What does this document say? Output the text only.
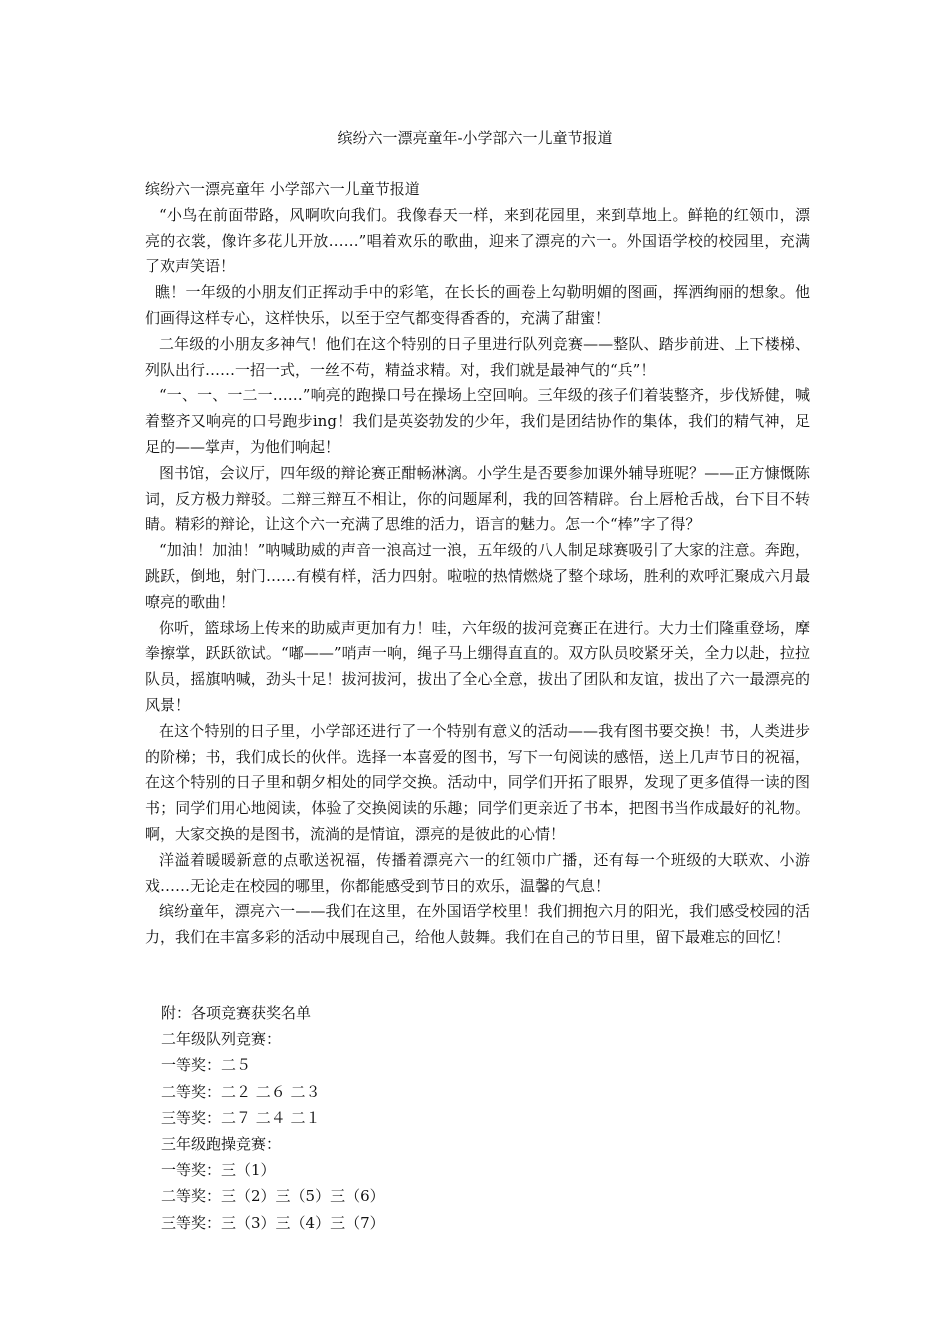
缤纷六一漂亮童年-小学部六一儿童节报道

缤纷六一漂亮童年 小学部六一儿童节报道

“小鸟在前面带路，风啊吹向我们。我像春天一样，来到花园里，来到草地上。鲜艳的红领巾，漂亮的衣裳，像许多花儿开放……”唱着欢乐的歌曲，迎来了漂亮的六一。外国语学校的校园里，充满了欢声笑语！

瞧！一年级的小朋友们正挥动手中的彩笔，在长长的画卷上勾勒明媚的图画，挥洒绚丽的想象。他们画得这样专心，这样快乐，以至于空气都变得香香的，充满了甜蜜！

二年级的小朋友多神气！他们在这个特别的日子里进行队列竞赛——整队、踏步前进、上下楼梯、列队出行……一招一式，一丝不苟，精益求精。对，我们就是最神气的“兵”！

“一、一、一二一……”响亮的跑操口号在操场上空回响。三年级的孩子们着装整齐，步伐矫健，喊着整齐又响亮的口号跑步ing！我们是英姿勃发的少年，我们是团结协作的集体，我们的精气神，足足的——掌声，为他们响起！

图书馆，会议厅，四年级的辩论赛正酣畅淋漓。小学生是否要参加课外辅导班呢？——正方慷慨陈词，反方极力辩驳。二辩三辩互不相让，你的问题犀利，我的回答精辟。台上唇枪舌战，台下目不转睛。精彩的辩论，让这个六一充满了思维的活力，语言的魅力。怎一个“棒”字了得？

“加油！加油！”呐喊助威的声音一浪高过一浪，五年级的八人制足球赛吸引了大家的注意。奔跑，跳跃，倒地，射门……有模有样，活力四射。啦啦的热情燃烧了整个球场，胜利的欢呼汇聚成六月最嘹亮的歌曲！

你听，篮球场上传来的助威声更加有力！哇，六年级的拔河竞赛正在进行。大力士们隆重登场，摩拳擦掌，跃跃欲试。“嘟——”哨声一响，绳子马上绷得直直的。双方队员咬紧牙关，全力以赴，拉拉队员，摇旗呐喊，劲头十足！拔河拔河，拔出了全心全意，拔出了团队和友谊，拔出了六一最漂亮的风景！

在这个特别的日子里，小学部还进行了一个特别有意义的活动——我有图书要交换！书，人类进步的阶梯；书，我们成长的伙伴。选择一本喜爱的图书，写下一句阅读的感悟，送上几声节日的祝福，在这个特别的日子里和朝夕相处的同学交换。活动中，同学们开拓了眼界，发现了更多值得一读的图书；同学们用心地阅读，体验了交换阅读的乐趣；同学们更亲近了书本，把图书当作成最好的礼物。啊，大家交换的是图书，流淌的是情谊，漂亮的是彼此的心情！

洋溢着暖暖新意的点歌送祝福，传播着漂亮六一的红领巾广播，还有每一个班级的大联欢、小游戏……无论走在校园的哪里，你都能感受到节日的欢乐，温馨的气息！

缤纷童年，漂亮六一——我们在这里，在外国语学校里！我们拥抱六月的阳光，我们感受校园的活力，我们在丰富多彩的活动中展现自己，给他人鼓舞。我们在自己的节日里，留下最难忘的回忆！

附：各项竞赛获奖名单

二年级队列竞赛：

一等奖：二５

二等奖：二２ 二６ 二３

三等奖：二７ 二４ 二１

三年级跑操竞赛：

一等奖：三（1）

二等奖：三（2）三（5）三（6）

三等奖：三（3）三（4）三（7）
